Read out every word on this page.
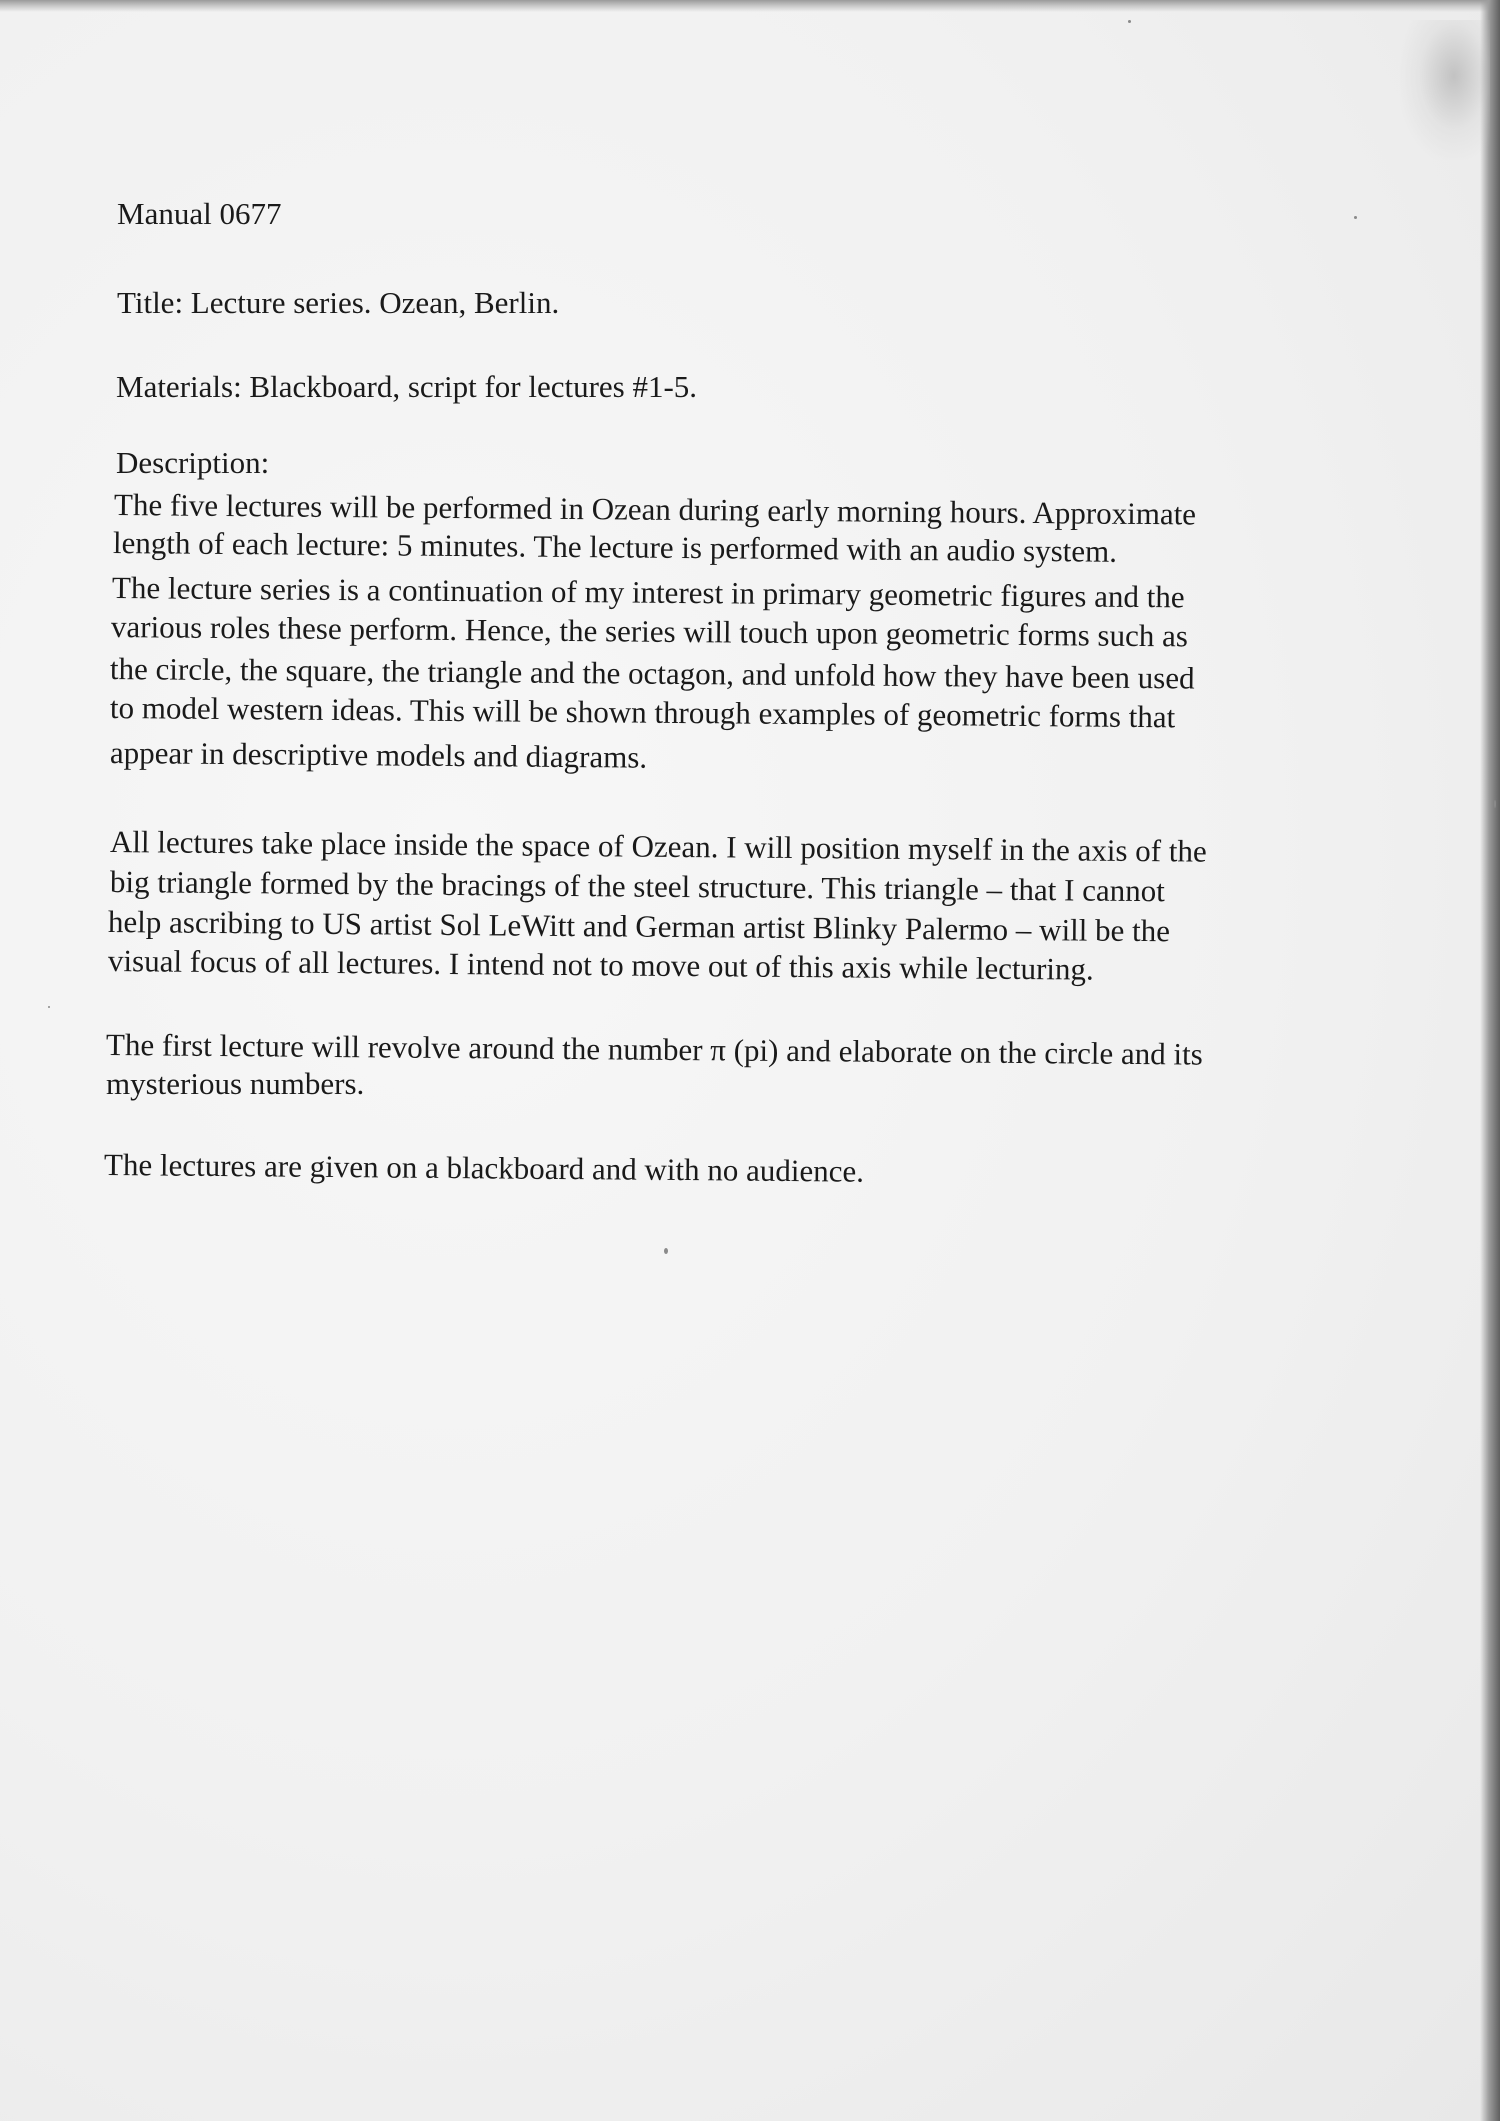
Manual 0677
Title: Lecture series. Ozean, Berlin.
Materials: Blackboard, script for lectures #1-5.
Description:
The five lectures will be performed in Ozean during early morning hours. Approximate
length of each lecture: 5 minutes. The lecture is performed with an audio system.
The lecture series is a continuation of my interest in primary geometric figures and the
various roles these perform. Hence, the series will touch upon geometric forms such as
the circle, the square, the triangle and the octagon, and unfold how they have been used
to model western ideas. This will be shown through examples of geometric forms that
appear in descriptive models and diagrams.
All lectures take place inside the space of Ozean. I will position myself in the axis of the
big triangle formed by the bracings of the steel structure. This triangle – that I cannot
help ascribing to US artist Sol LeWitt and German artist Blinky Palermo – will be the
visual focus of all lectures. I intend not to move out of this axis while lecturing.
The first lecture will revolve around the number π (pi) and elaborate on the circle and its
mysterious numbers.
The lectures are given on a blackboard and with no audience.
